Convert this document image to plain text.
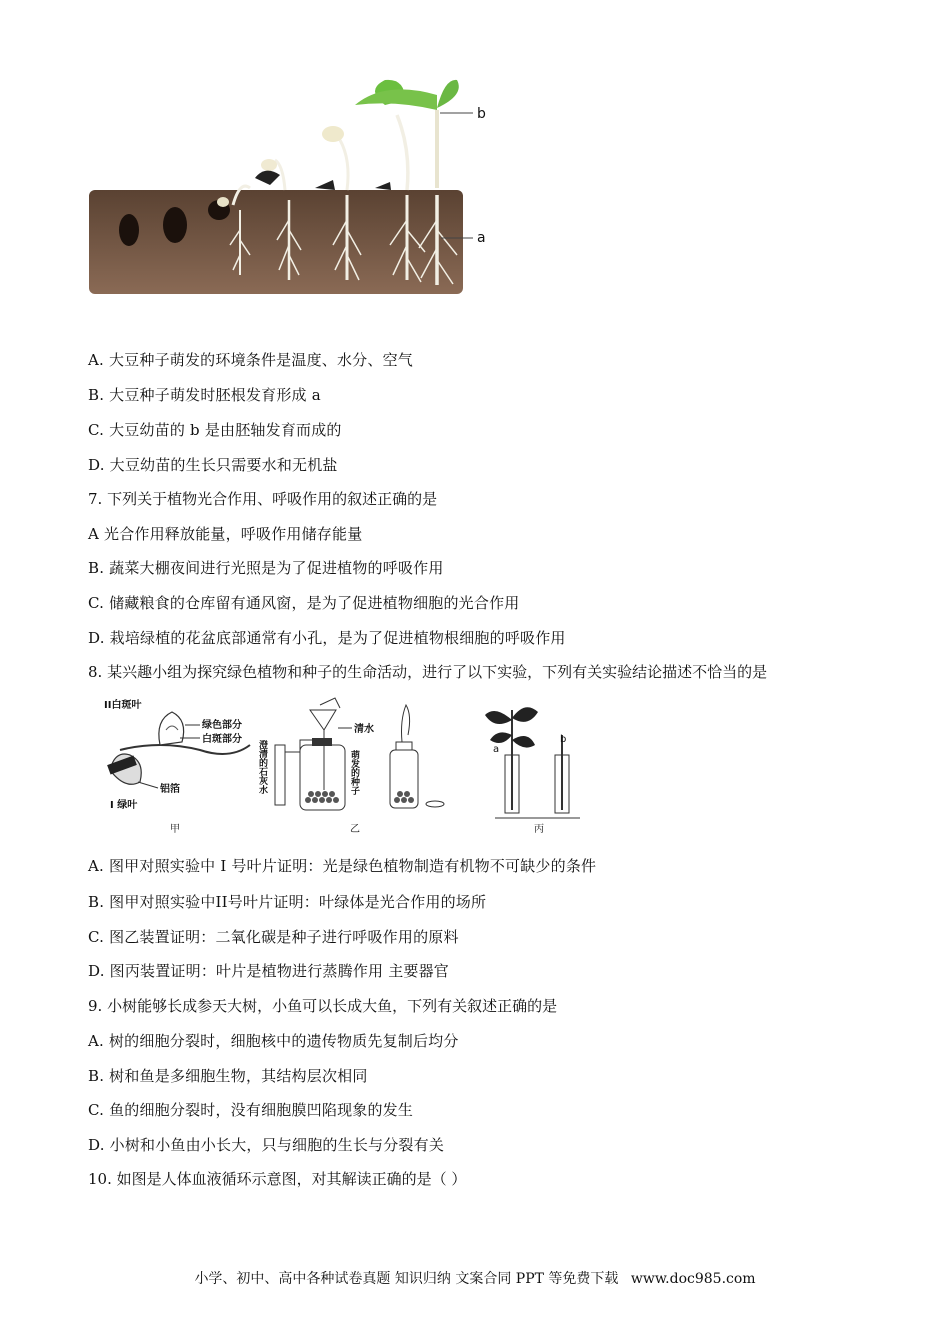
b
a
A. 大豆种子萌发的环境条件是温度、水分、空气
B. 大豆种子萌发时胚根发育形成 a
C. 大豆幼苗的 b 是由胚轴发育而成的
D. 大豆幼苗的生长只需要水和无机盐
7. 下列关于植物光合作用、呼吸作用的叙述正确的是
A 光合作用释放能量，呼吸作用储存能量
B. 蔬菜大棚夜间进行光照是为了促进植物的呼吸作用
C. 储藏粮食的仓库留有通风窗，是为了促进植物细胞的光合作用
D. 栽培绿植的花盆底部通常有小孔，是为了促进植物根细胞的呼吸作用
8. 某兴趣小组为探究绿色植物和种子的生命活动，进行了以下实验，下列有关实验结论描述不恰当的是
II白斑叶
绿色部分
白斑部分
铝箔
I 绿叶
甲
澄清的石灰水
清水
萌发的种子
乙
a
b
丙
A. 图甲对照实验中 I 号叶片证明：光是绿色植物制造有机物不可缺少的条件
B. 图甲对照实验中II号叶片证明：叶绿体是光合作用的场所
C. 图乙装置证明：二氧化碳是种子进行呼吸作用的原料
D. 图丙装置证明：叶片是植物进行蒸腾作用 主要器官
9. 小树能够长成参天大树，小鱼可以长成大鱼，下列有关叙述正确的是
A. 树的细胞分裂时，细胞核中的遗传物质先复制后均分
B. 树和鱼是多细胞生物，其结构层次相同
C. 鱼的细胞分裂时，没有细胞膜凹陷现象的发生
D. 小树和小鱼由小长大，只与细胞的生长与分裂有关
10. 如图是人体血液循环示意图，对其解读正确的是（ ）
小学、初中、高中各种试卷真题 知识归纳 文案合同 PPT 等免费下载 www.doc985.com
